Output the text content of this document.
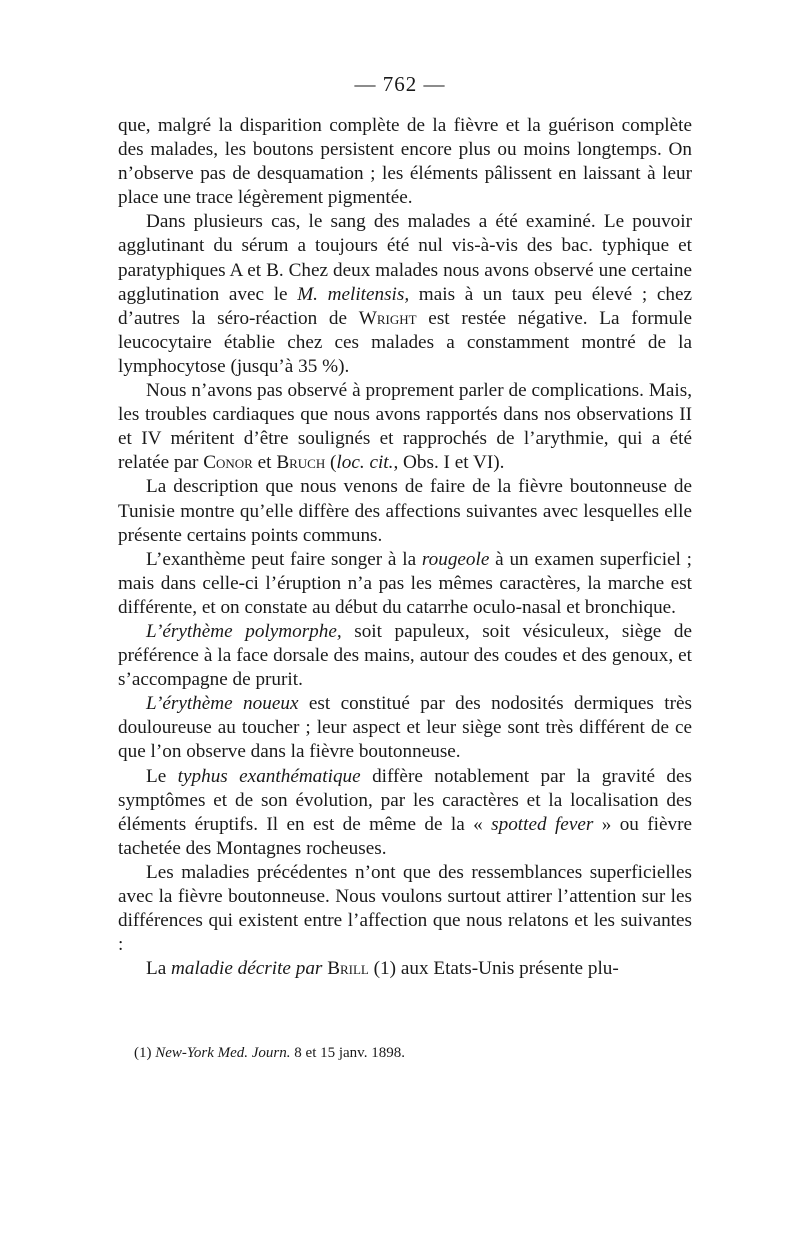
— 762 —

que, malgré la disparition complète de la fièvre et la guérison complète des malades, les boutons persistent encore plus ou moins longtemps. On n’observe pas de desquamation ; les éléments pâlissent en laissant à leur place une trace légèrement pigmentée.

Dans plusieurs cas, le sang des malades a été examiné. Le pouvoir agglutinant du sérum a toujours été nul vis-à-vis des bac. typhique et paratyphiques A et B. Chez deux malades nous avons observé une certaine agglutination avec le M. melitensis, mais à un taux peu élevé ; chez d’autres la séro-réaction de Wright est restée négative. La formule leucocytaire établie chez ces malades a constamment montré de la lymphocytose (jusqu’à 35 %).

Nous n’avons pas observé à proprement parler de complications. Mais, les troubles cardiaques que nous avons rapportés dans nos observations II et IV méritent d’être soulignés et rapprochés de l’arythmie, qui a été relatée par Conor et Bruch (loc. cit., Obs. I et VI).

La description que nous venons de faire de la fièvre boutonneuse de Tunisie montre qu’elle diffère des affections suivantes avec lesquelles elle présente certains points communs.

L’exanthème peut faire songer à la rougeole à un examen superficiel ; mais dans celle-ci l’éruption n’a pas les mêmes caractères, la marche est différente, et on constate au début du catarrhe oculo-nasal et bronchique.

L’érythème polymorphe, soit papuleux, soit vésiculeux, siège de préférence à la face dorsale des mains, autour des coudes et des genoux, et s’accompagne de prurit.

L’érythème noueux est constitué par des nodosités dermiques très douloureuse au toucher ; leur aspect et leur siège sont très différent de ce que l’on observe dans la fièvre boutonneuse.

Le typhus exanthématique diffère notablement par la gravité des symptômes et de son évolution, par les caractères et la localisation des éléments éruptifs. Il en est de même de la « spotted fever » ou fièvre tachetée des Montagnes rocheuses.

Les maladies précédentes n’ont que des ressemblances superficielles avec la fièvre boutonneuse. Nous voulons surtout attirer l’attention sur les différences qui existent entre l’affection que nous relatons et les suivantes :

La maladie décrite par Brill (1) aux Etats-Unis présente plu-

(1) New-York Med. Journ. 8 et 15 janv. 1898.
